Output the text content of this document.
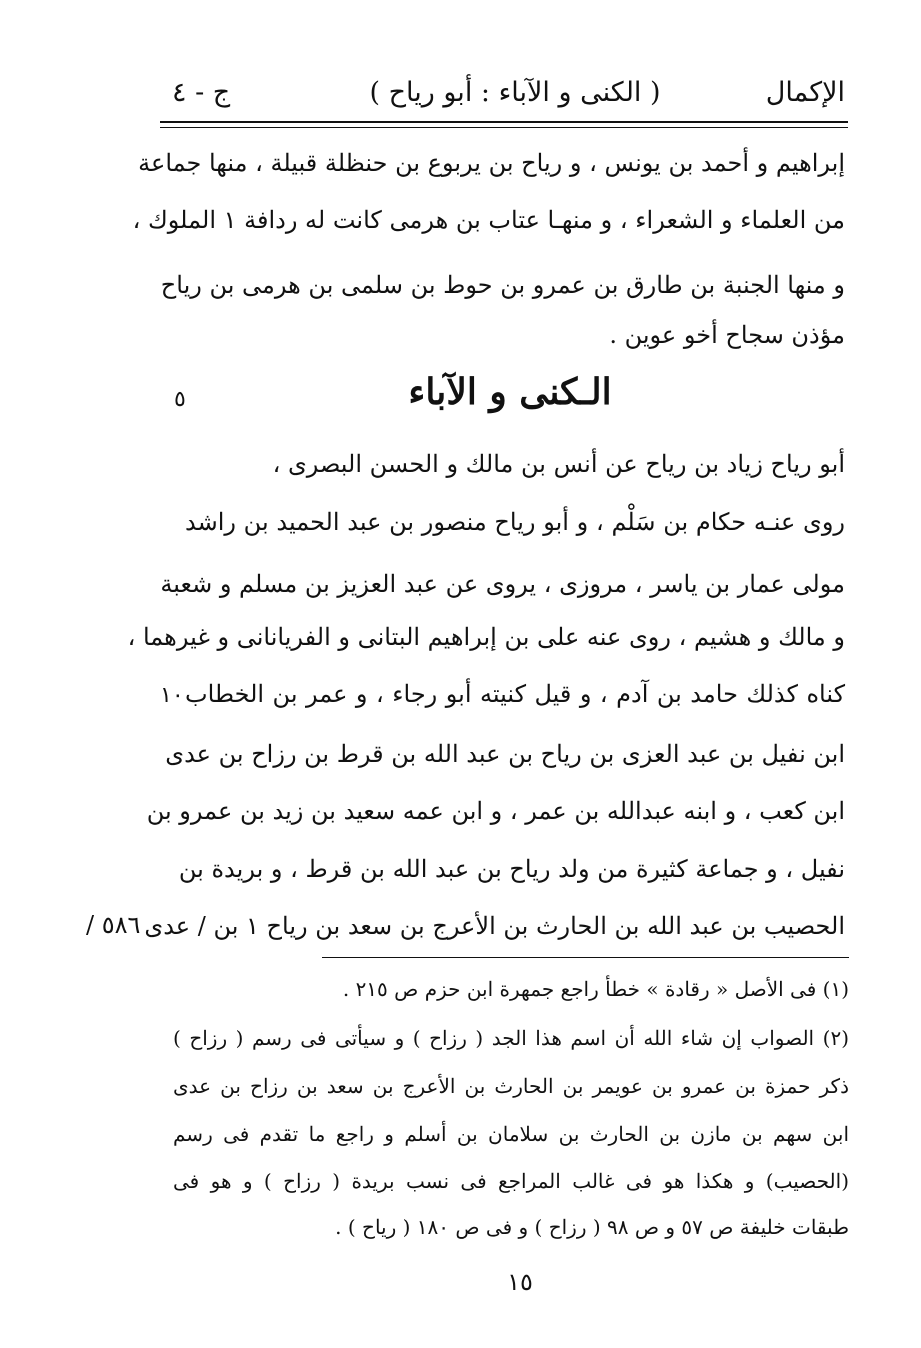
الإكمال
( الكنى و الآباء : أبو رياح )
ج - ٤
إبراهيم و أحمد بن يونس ، و رياح بن يربوع بن حنظلة قبيلة ، منها جماعة
من العلماء و الشعراء ، و منهـا عتاب بن هرمى كانت له ردافة ١ الملوك ،
و منها الجنبة بن طارق بن عمرو بن حوط بن سلمى بن هرمى بن رياح
مؤذن سجاح أخو عوين .
الـكنى و الآباء
٥
أبو رياح زياد بن رياح عن أنس بن مالك و الحسن البصرى ،
روى عنـه حكام بن سَلْم ، و أبو رياح منصور بن عبد الحميد بن راشد
مولى عمار بن ياسر ، مروزى ، يروى عن عبد العزيز بن مسلم و شعبة
و مالك و هشيم ، روى عنه على بن إبراهيم البتانى و الفريانانى و غيرهما ،
كناه كذلك حامد بن آدم ، و قيل كنيته أبو رجاء ، و عمر بن الخطاب
١٠
ابن نفيل بن عبد العزى بن رياح بن عبد الله بن قرط بن رزاح بن عدى
ابن كعب ، و ابنه عبدالله بن عمر ، و ابن عمه سعيد بن زيد بن عمرو بن
نفيل ، و جماعة كثيرة من ولد رياح بن عبد الله بن قرط ، و بريدة بن
الحصيب بن عبد الله بن الحارث بن الأعرج بن سعد بن رياح ١ بن / عدى
٥٨٦ /
(١) فى الأصل « رقادة » خطأ راجع جمهرة ابن حزم ص ٢١٥ .
(٢) الصواب إن شاء الله أن اسم هذا الجد ( رزاح ) و سيأتى فى رسم ( رزاح )
ذكر حمزة بن عمرو بن عويمر بن الحارث بن الأعرج بن سعد بن رزاح بن عدى
ابن سهم بن مازن بن الحارث بن سلامان بن أسلم و راجع ما تقدم فى رسم
(الحصيب) و هكذا هو فى غالب المراجع فى نسب بريدة ( رزاح ) و هو فى
طبقات خليفة ص ٥٧ و ص ٩٨ ( رزاح ) و فى ص ١٨٠ ( رياح ) .
١٥
